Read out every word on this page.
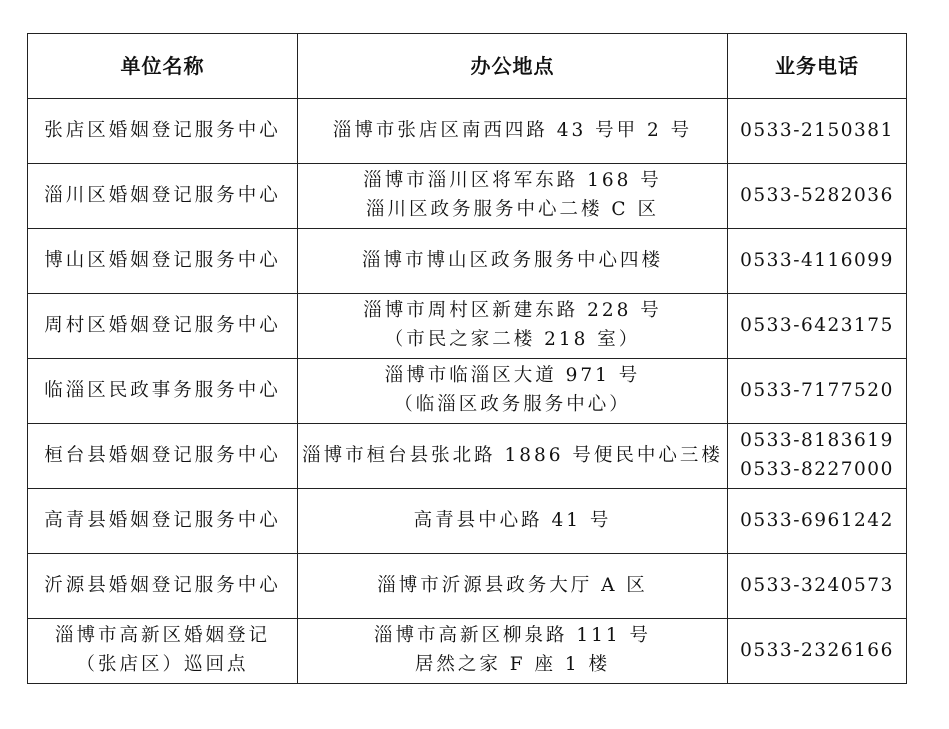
单位名称	办公地点	业务电话

张店区婚姻登记服务中心	淄博市张店区南西四路 43 号甲 2 号	0533-2150381

淄川区婚姻登记服务中心	淄博市淄川区将军东路 168 号
淄川区政务服务中心二楼 C 区	0533-5282036

博山区婚姻登记服务中心	淄博市博山区政务服务中心四楼	0533-4116099

周村区婚姻登记服务中心	淄博市周村区新建东路 228 号
（市民之家二楼 218 室）	0533-6423175

临淄区民政事务服务中心	淄博市临淄区大道 971 号
（临淄区政务服务中心）	0533-7177520

桓台县婚姻登记服务中心	淄博市桓台县张北路 1886 号便民中心三楼	0533-8183619
0533-8227000

高青县婚姻登记服务中心	高青县中心路 41 号	0533-6961242

沂源县婚姻登记服务中心	淄博市沂源县政务大厅 A 区	0533-3240573

淄博市高新区婚姻登记
（张店区）巡回点	淄博市高新区柳泉路 111 号
居然之家 F 座 1 楼	0533-2326166
